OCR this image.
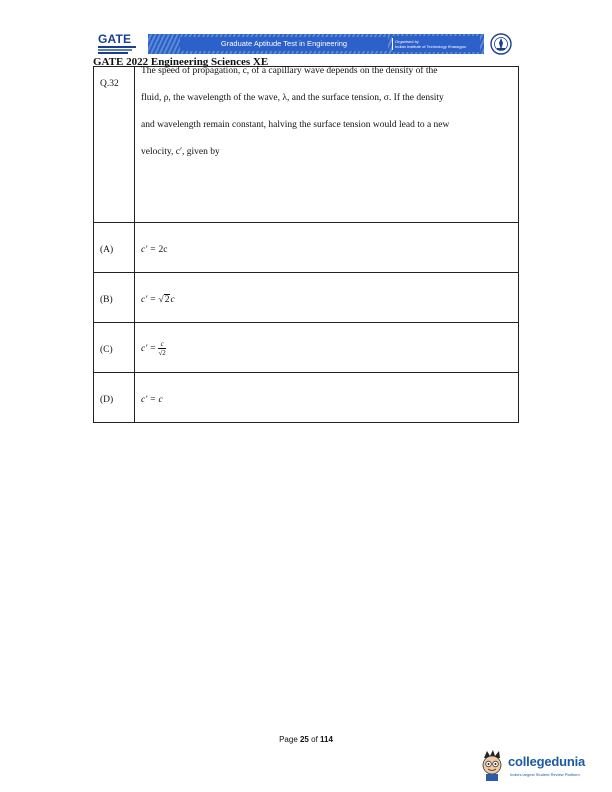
GATE	Graduate Aptitude Test in Engineering	Organised by
Indian Institute of Technology Kharagpur
GATE 2022 Engineering Sciences XE
Q.32	The speed of propagation, c, of a capillary wave depends on the density of the
fluid, ρ, the wavelength of the wave, λ, and the surface tension, σ. If the density
and wavelength remain constant, halving the surface tension would lead to a new
velocity, c′, given by

(A)	c′ = 2c
(B)	c′ = √2c
(C)	$c' = \frac{c}{√2}$

(D)	c′ = c
Page 25 of 114
collegedunia
India's largest Student Review Platform
